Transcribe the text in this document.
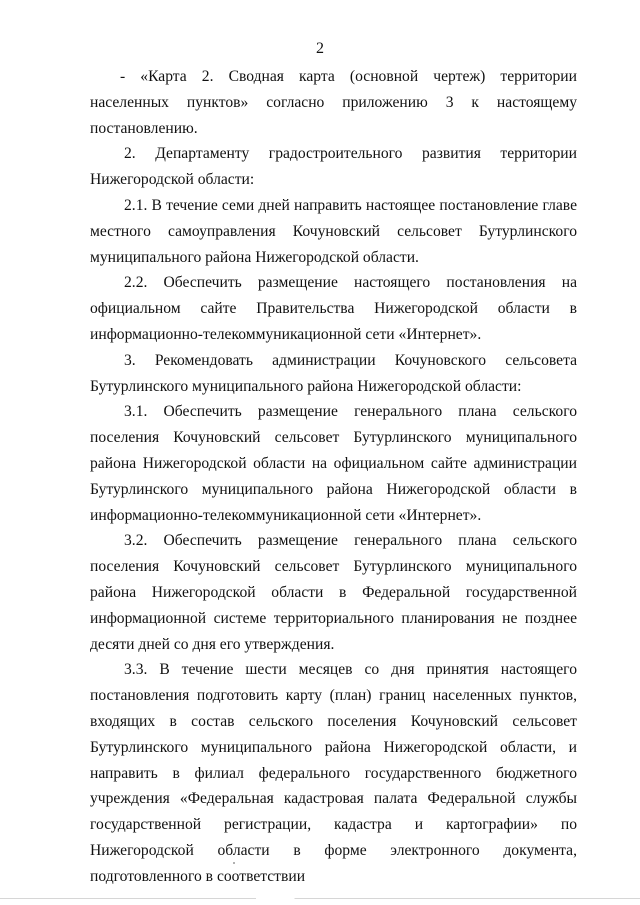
2

- «Карта 2. Сводная карта (основной чертеж) территории населенных пунктов» согласно приложению 3 к настоящему постановлению.

2. Департаменту градостроительного развития территории Нижегородской области:

2.1. В течение семи дней направить настоящее постановление главе местного самоуправления Кочуновский сельсовет Бутурлинского муниципального района Нижегородской области.

2.2. Обеспечить размещение настоящего постановления на официальном сайте Правительства Нижегородской области в информационно-телекоммуникационной сети «Интернет».

3. Рекомендовать администрации Кочуновского сельсовета Бутурлинского муниципального района Нижегородской области:

3.1. Обеспечить размещение генерального плана сельского поселения Кочуновский сельсовет Бутурлинского муниципального района Нижегородской области на официальном сайте администрации Бутурлинского муниципального района Нижегородской области в информационно-телекоммуникационной сети «Интернет».

3.2. Обеспечить размещение генерального плана сельского поселения Кочуновский сельсовет Бутурлинского муниципального района Нижегородской области в Федеральной государственной информационной системе территориального планирования не позднее десяти дней со дня его утверждения.

3.3. В течение шести месяцев со дня принятия настоящего постановления подготовить карту (план) границ населенных пунктов, входящих в состав сельского поселения Кочуновский сельсовет Бутурлинского муниципального района Нижегородской области, и направить в филиал федерального государственного бюджетного учреждения «Федеральная кадастровая палата Федеральной службы государственной регистрации, кадастра и картографии» по Нижегородской области в форме электронного документа, подготовленного в соответствии
